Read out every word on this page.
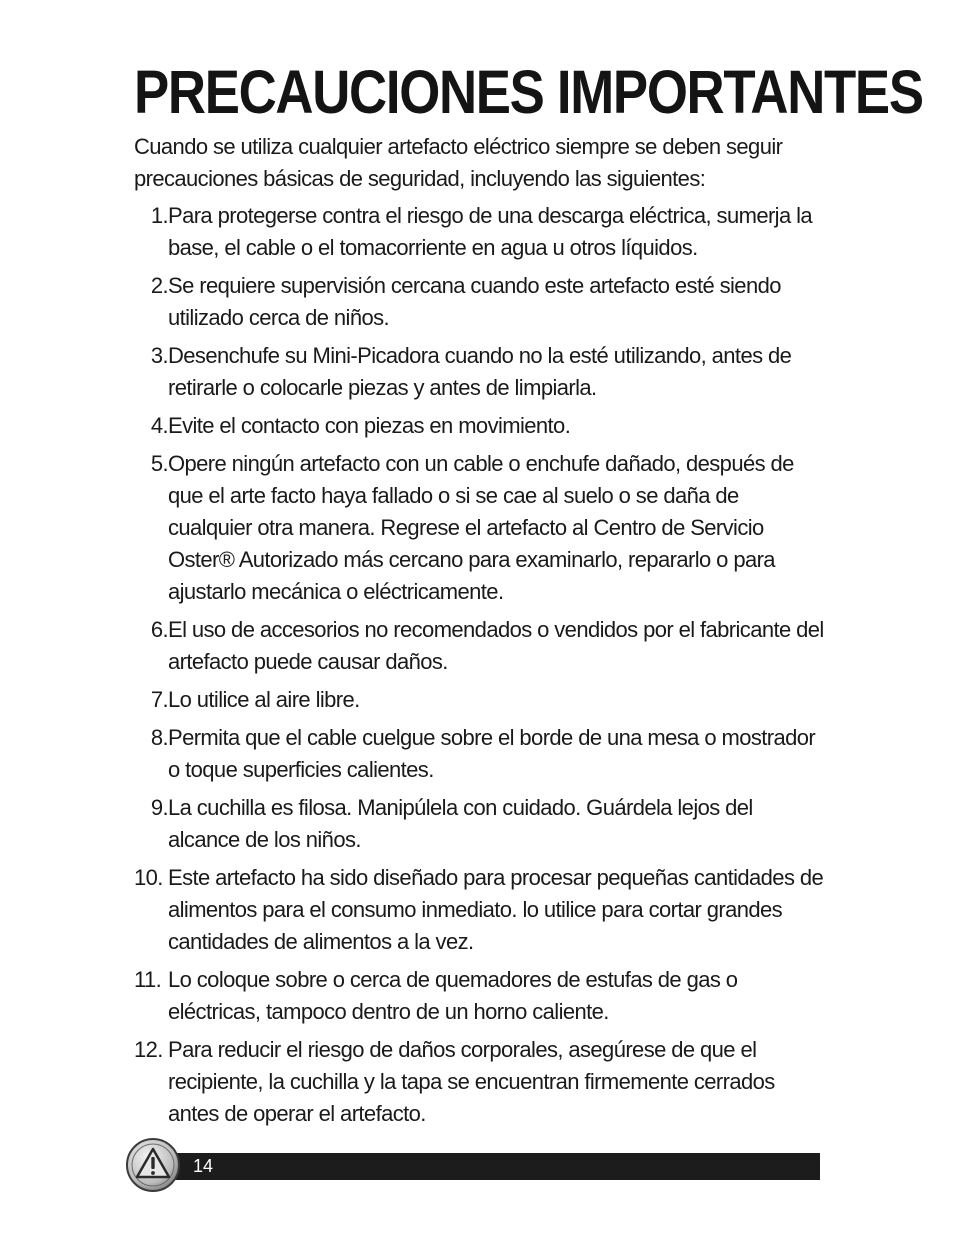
PRECAUCIONES IMPORTANTES

Cuando se utiliza cualquier artefacto eléctrico siempre se deben seguir precauciones básicas de seguridad, incluyendo las siguientes:

1. Para protegerse contra el riesgo de una descarga eléctrica, sumerja la base, el cable o el tomacorriente en agua u otros líquidos.
2. Se requiere supervisión cercana cuando este artefacto esté siendo utilizado cerca de niños.
3. Desenchufe su Mini-Picadora cuando no la esté utilizando, antes de retirarle o colocarle piezas y antes de limpiarla.
4. Evite el contacto con piezas en movimiento.
5. Opere ningún artefacto con un cable o enchufe dañado, después de que el arte facto haya fallado o si se cae al suelo o se daña de cualquier otra manera. Regrese el artefacto al Centro de Servicio Oster® Autorizado más cercano para examinarlo, repararlo o para ajustarlo mecánica o eléctricamente.
6. El uso de accesorios no recomendados o vendidos por el fabricante del artefacto puede causar daños.
7. Lo utilice al aire libre.
8. Permita que el cable cuelgue sobre el borde de una mesa o mostrador o toque superficies calientes.
9. La cuchilla es filosa. Manipúlela con cuidado. Guárdela lejos del alcance de los niños.
10. Este artefacto ha sido diseñado para procesar pequeñas cantidades de alimentos para el consumo inmediato. lo utilice para cortar grandes cantidades de alimentos a la vez.
11. Lo coloque sobre o cerca de quemadores de estufas de gas o eléctricas, tampoco dentro de un horno caliente.
12. Para reducir el riesgo de daños corporales, asegúrese de que el recipiente, la cuchilla y la tapa se encuentran firmemente cerrados antes de operar el artefacto.
14
